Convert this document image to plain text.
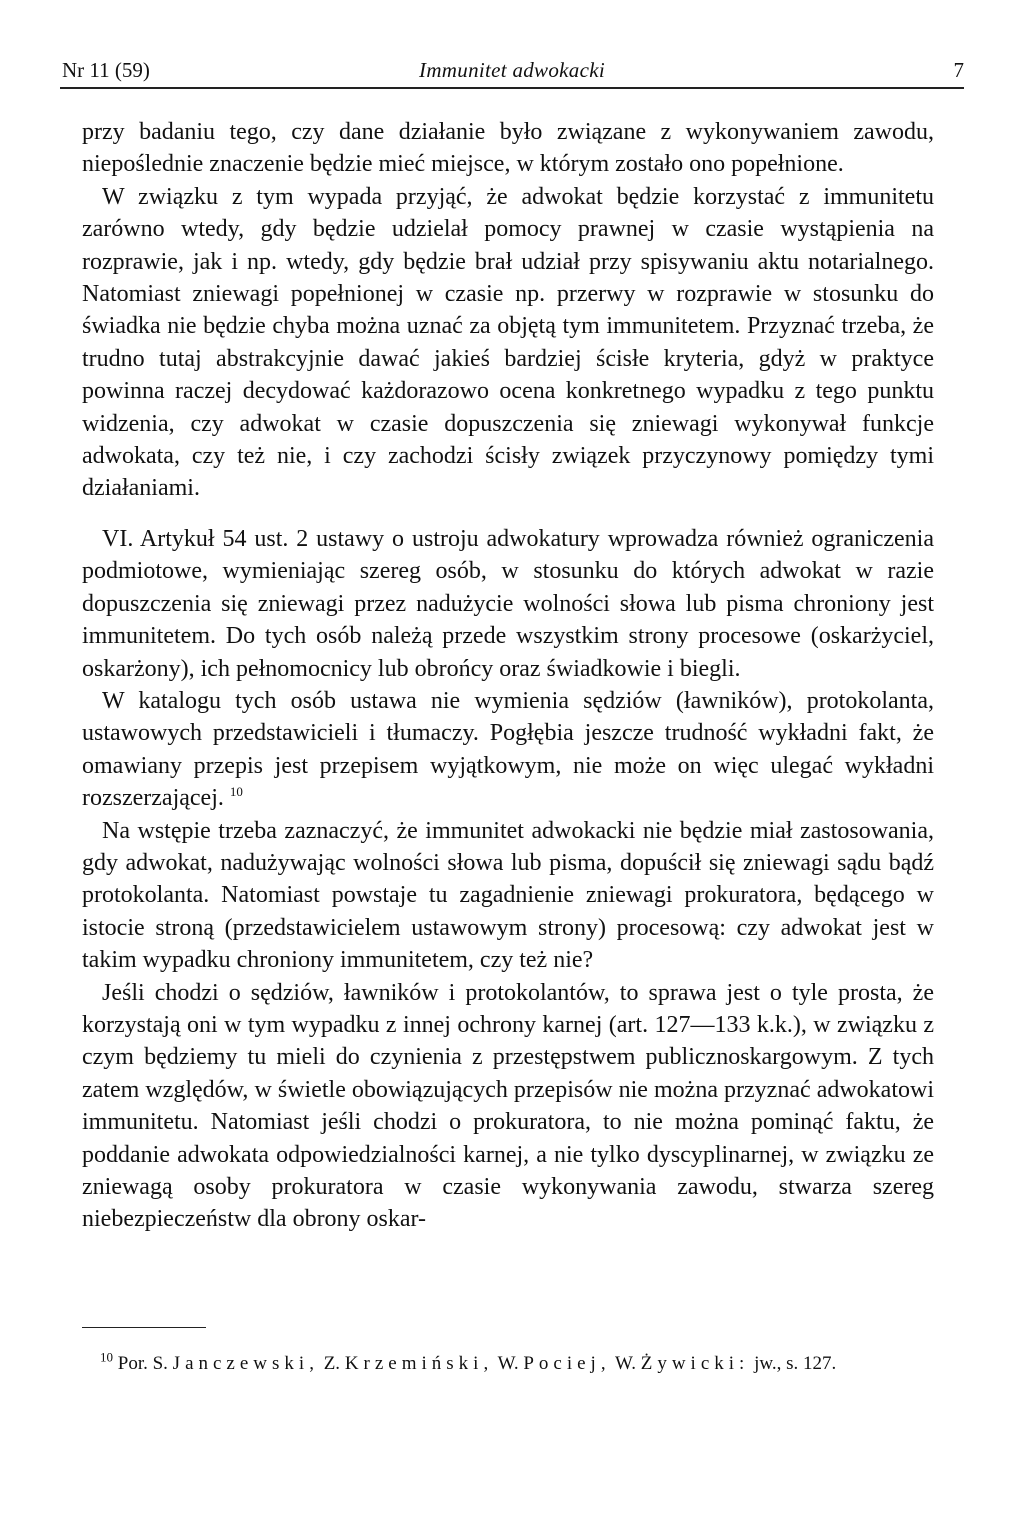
Nr 11 (59)	Immunitet adwokacki	7

przy badaniu tego, czy dane działanie było związane z wykonywaniem zawodu, niepoślednie znaczenie będzie mieć miejsce, w którym zostało ono popełnione.

W związku z tym wypada przyjąć, że adwokat będzie korzystać z immunitetu zarówno wtedy, gdy będzie udzielał pomocy prawnej w czasie wystąpienia na rozprawie, jak i np. wtedy, gdy będzie brał udział przy spisywaniu aktu notarialnego. Natomiast zniewagi popełnionej w czasie np. przerwy w rozprawie w stosunku do świadka nie będzie chyba można uznać za objętą tym immunitetem. Przyznać trzeba, że trudno tutaj abstrakcyjnie dawać jakieś bardziej ścisłe kryteria, gdyż w praktyce powinna raczej decydować każdorazowo ocena konkretnego wypadku z tego punktu widzenia, czy adwokat w czasie dopuszczenia się zniewagi wykonywał funkcje adwokata, czy też nie, i czy zachodzi ścisły związek przyczynowy pomiędzy tymi działaniami.

VI. Artykuł 54 ust. 2 ustawy o ustroju adwokatury wprowadza również ograniczenia podmiotowe, wymieniając szereg osób, w stosunku do których adwokat w razie dopuszczenia się zniewagi przez nadużycie wolności słowa lub pisma chroniony jest immunitetem. Do tych osób należą przede wszystkim strony procesowe (oskarżyciel, oskarżony), ich pełnomocnicy lub obrońcy oraz świadkowie i biegli.

W katalogu tych osób ustawa nie wymienia sędziów (ławników), protokolanta, ustawowych przedstawicieli i tłumaczy. Pogłębia jeszcze trudność wykładni fakt, że omawiany przepis jest przepisem wyjątkowym, nie może on więc ulegać wykładni rozszerzającej. $^{10}$

Na wstępie trzeba zaznaczyć, że immunitet adwokacki nie będzie miał zastosowania, gdy adwokat, nadużywając wolności słowa lub pisma, dopuścił się zniewagi sądu bądź protokolanta. Natomiast powstaje tu zagadnienie zniewagi prokuratora, będącego w istocie stroną (przedstawicielem ustawowym strony) procesową: czy adwokat jest w takim wypadku chroniony immunitetem, czy też nie?

Jeśli chodzi o sędziów, ławników i protokolantów, to sprawa jest o tyle prosta, że korzystają oni w tym wypadku z innej ochrony karnej (art. 127—133 k.k.), w związku z czym będziemy tu mieli do czynienia z przestępstwem publicznoskargowym. Z tych zatem względów, w świetle obowiązujących przepisów nie można przyznać adwokatowi immunitetu. Natomiast jeśli chodzi o prokuratora, to nie można pominąć faktu, że poddanie adwokata odpowiedzialności karnej, a nie tylko dyscyplinarnej, w związku ze zniewagą osoby prokuratora w czasie wykonywania zawodu, stwarza szereg niebezpieczeństw dla obrony oskar-

$^{10}$ Por. S. Janczewski, Z. Krzemiński, W. Pociej, W. Żywicki: jw., s. 127.
